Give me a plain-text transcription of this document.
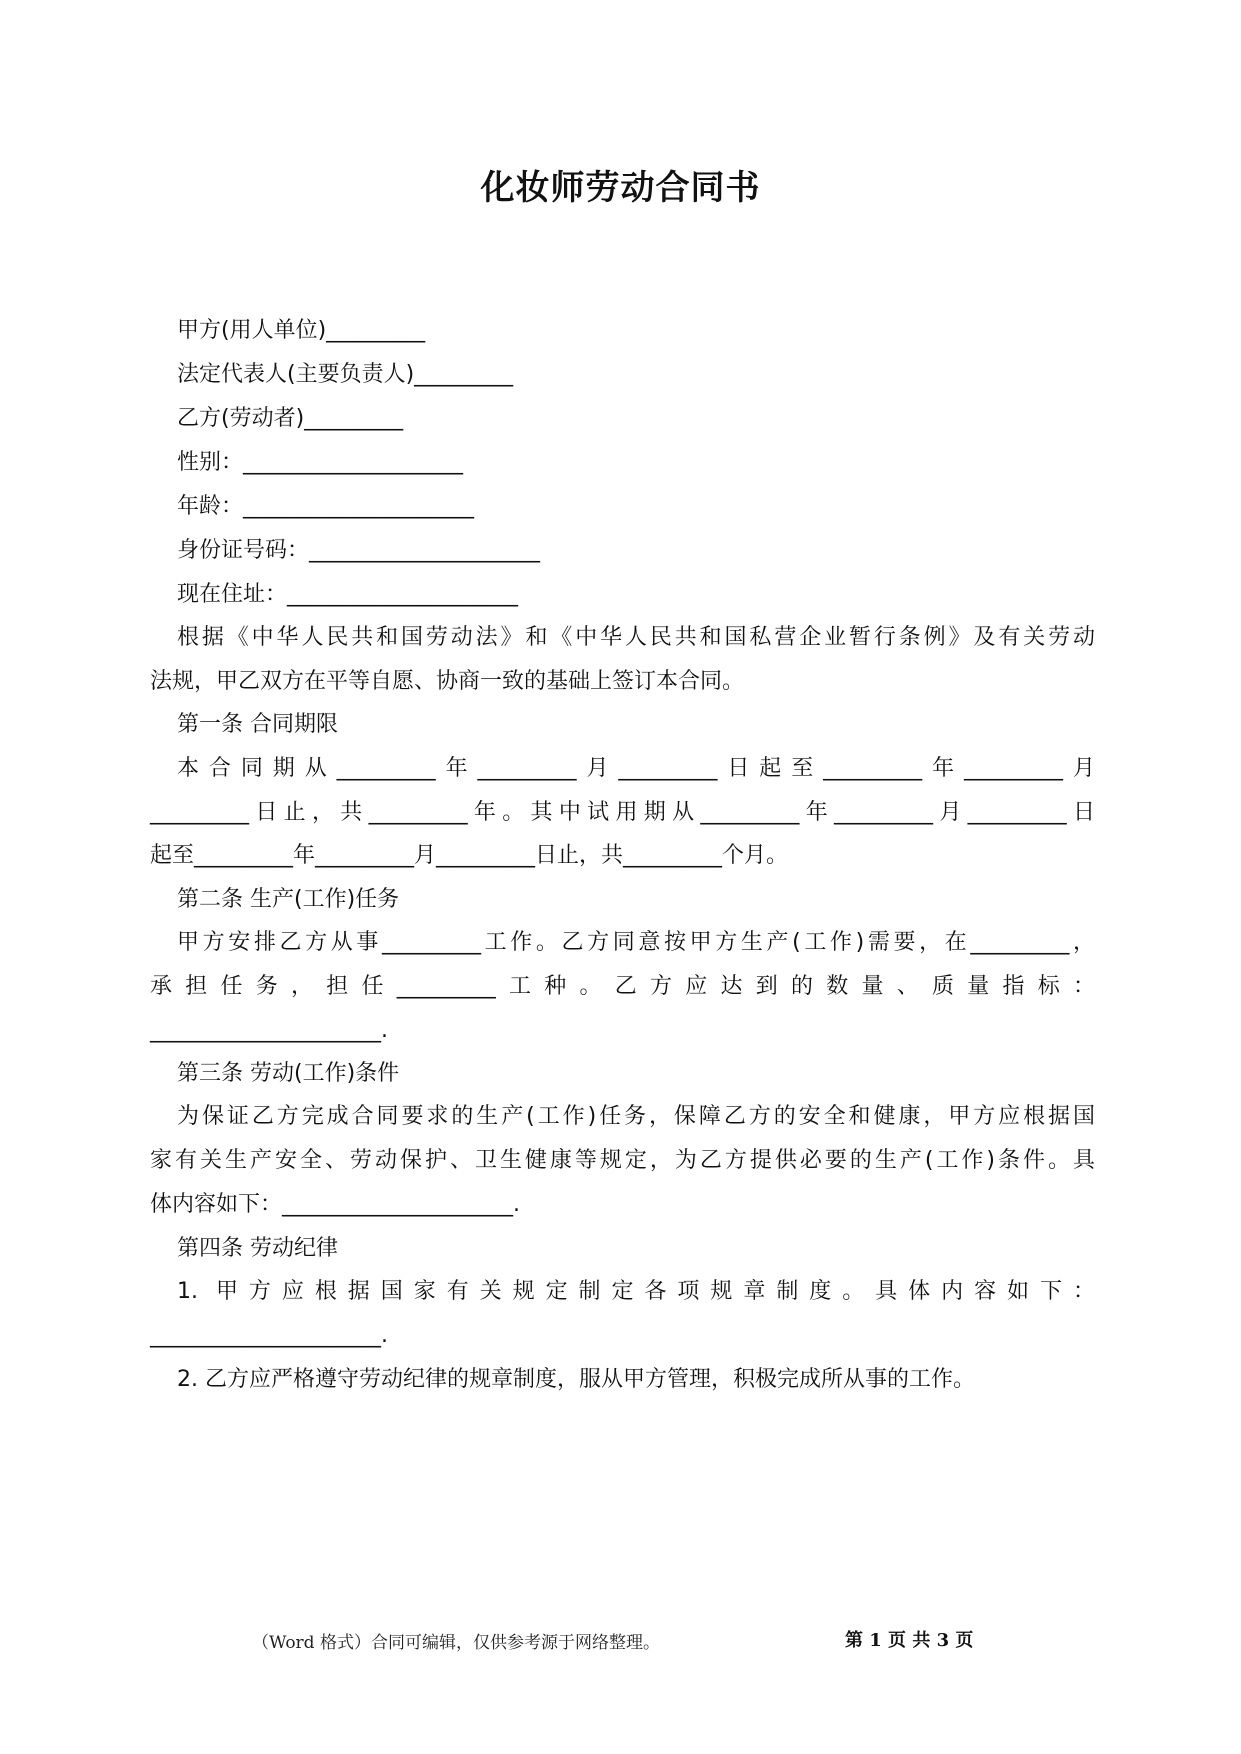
化妆师劳动合同书
甲方(用人单位)_________
法定代表人(主要负责人)_________
乙方(劳动者)_________
性别：____________________
年龄：_____________________
身份证号码：_____________________
现在住址：_____________________
根据《中华人民共和国劳动法》和《中华人民共和国私营企业暂行条例》及有关劳动
法规，甲乙双方在平等自愿、协商一致的基础上签订本合同。
第一条 合同期限
本合同期从_________年_________月_________日起至_________年_________月
_________日止，共_________年。其中试用期从_________年_________月_________日
起至_________年_________月_________日止，共_________个月。
第二条 生产(工作)任务
甲方安排乙方从事_________工作。乙方同意按甲方生产(工作)需要，在_________，
承担任务，担任_________工种。乙方应达到的数量、质量指标：
_____________________.
第三条 劳动(工作)条件
为保证乙方完成合同要求的生产(工作)任务，保障乙方的安全和健康，甲方应根据国
家有关生产安全、劳动保护、卫生健康等规定，为乙方提供必要的生产(工作)条件。具
体内容如下：_____________________.
第四条 劳动纪律
1. 甲方应根据国家有关规定制定各项规章制度。具体内容如下：
_____________________.
2. 乙方应严格遵守劳动纪律的规章制度，服从甲方管理，积极完成所从事的工作。
（Word 格式）合同可编辑，仅供参考源于网络整理。	第 1 页 共 3 页
